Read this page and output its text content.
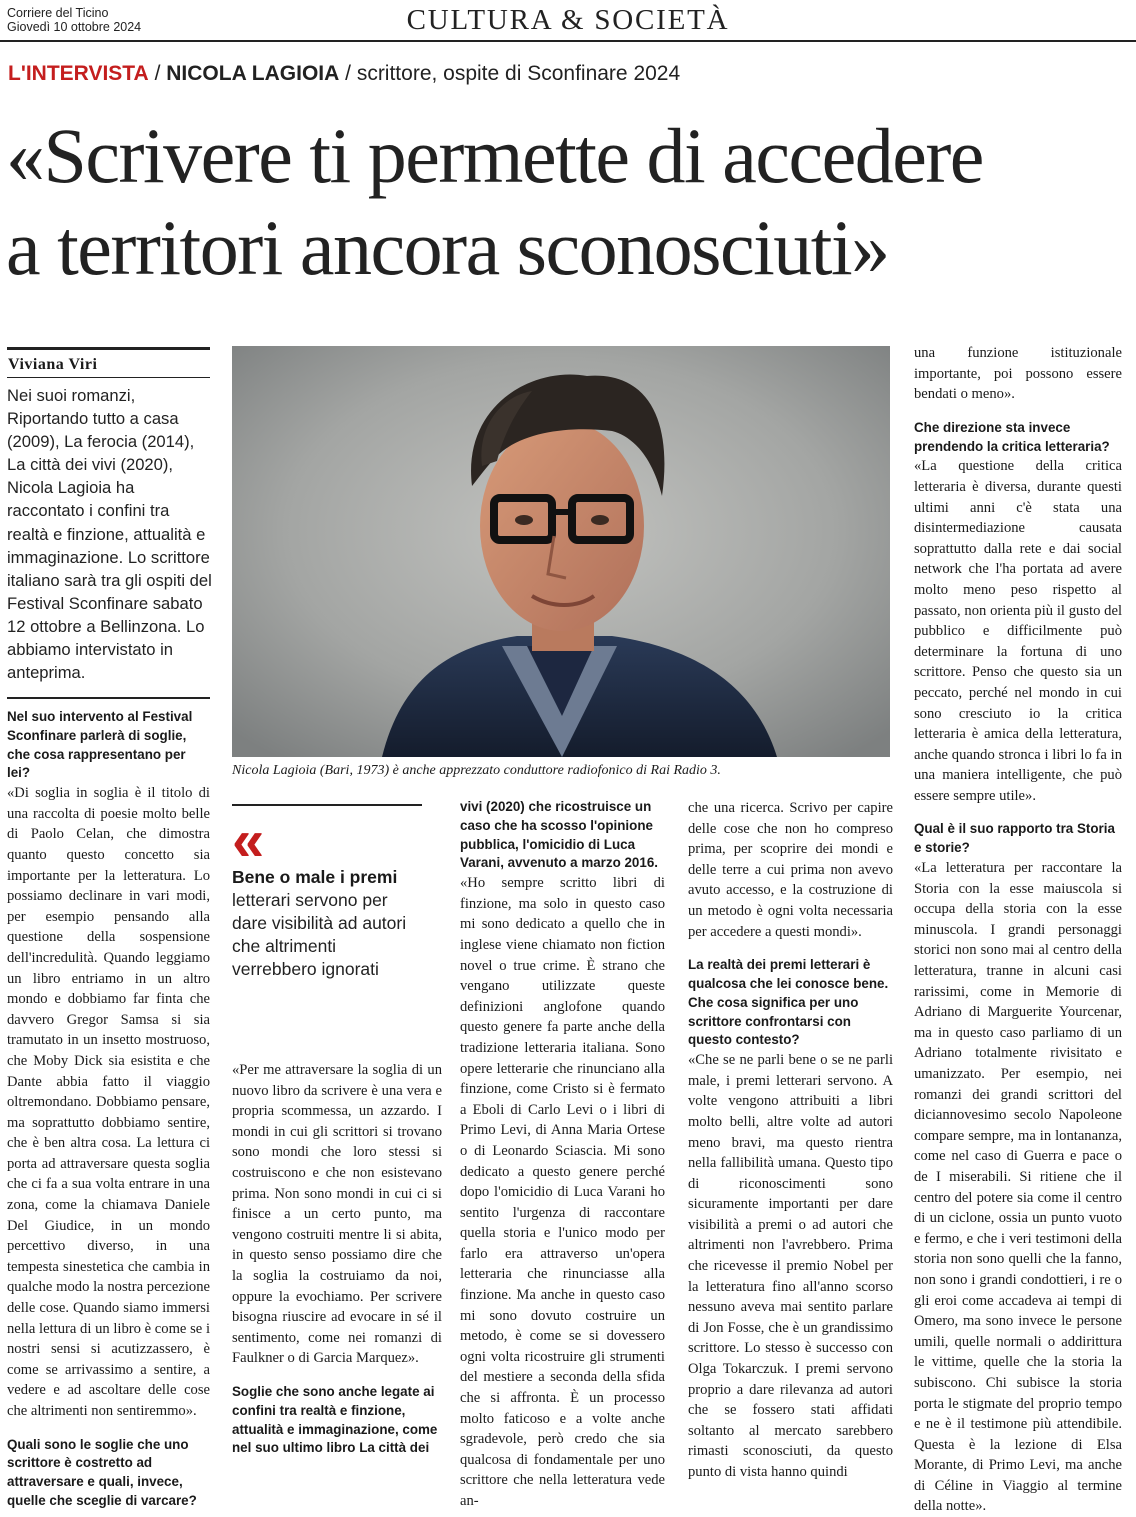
Corriere del Ticino
Giovedì 10 ottobre 2024	CULTURA & SOCIETÀ
L'INTERVISTA / NICOLA LAGIOIA / scrittore, ospite di Sconfinare 2024
«Scrivere ti permette di accedere
a territori ancora sconosciuti»
Viviana Viri
Nei suoi romanzi, Riportando tutto a casa (2009), La ferocia (2014), La città dei vivi (2020), Nicola Lagioia ha raccontato i confini tra realtà e finzione, attualità e immaginazione. Lo scrittore italiano sarà tra gli ospiti del Festival Sconfinare sabato 12 ottobre a Bellinzona. Lo abbiamo intervistato in anteprima.
Nicola Lagioia (Bari, 1973) è anche apprezzato conduttore radiofonico di Rai Radio 3.

Nel suo intervento al Festival Sconfinare parlerà di soglie, che cosa rappresentano per lei?

«Di soglia in soglia è il titolo di una raccolta di poesie molto belle di Paolo Celan, che dimostra quanto questo concetto sia importante per la letteratura. Lo possiamo declinare in vari modi, per esempio pensando alla questione della sospensione dell'incredulità. Quando leggiamo un libro entriamo in un altro mondo e dobbiamo far finta che davvero Gregor Samsa si sia tramutato in un insetto mostruoso, che Moby Dick sia esistita e che Dante abbia fatto il viaggio oltremondano. Dobbiamo pensare, ma soprattutto dobbiamo sentire, che è ben altra cosa. La lettura ci porta ad attraversare questa soglia che ci fa a sua volta entrare in una zona, come la chiamava Daniele Del Giudice, in un mondo percettivo diverso, in una tempesta sinestetica che cambia in qualche modo la nostra percezione delle cose. Quando siamo immersi nella lettura di un libro è come se i nostri sensi si acutizzassero, è come se arrivassimo a sentire, a vedere e ad ascoltare delle cose che altrimenti non sentiremmo».

Quali sono le soglie che uno scrittore è costretto ad attraversare e quali, invece, quelle che sceglie di varcare?

«
Bene o male i premi
letterari servono per dare visibilità ad autori che altrimenti verrebbero ignorati

«Per me attraversare la soglia di un nuovo libro da scrivere è una vera e propria scommessa, un azzardo. I mondi in cui gli scrittori si trovano sono mondi che loro stessi si costruiscono e che non esistevano prima. Non sono mondi in cui ci si finisce a un certo punto, ma vengono costruiti mentre li si abita, in questo senso possiamo dire che la soglia la costruiamo da noi, oppure la evochiamo. Per scrivere bisogna riuscire ad evocare in sé il sentimento, come nei romanzi di Faulkner o di Garcia Marquez».

Soglie che sono anche legate ai confini tra realtà e finzione, attualità e immaginazione, come nel suo ultimo libro La città dei

vivi (2020) che ricostruisce un caso che ha scosso l'opinione pubblica, l'omicidio di Luca Varani, avvenuto a marzo 2016.

«Ho sempre scritto libri di finzione, ma solo in questo caso mi sono dedicato a quello che in inglese viene chiamato non fiction novel o true crime. È strano che vengano utilizzate queste definizioni anglofone quando questo genere fa parte anche della tradizione letteraria italiana. Sono opere letterarie che rinunciano alla finzione, come Cristo si è fermato a Eboli di Carlo Levi o i libri di Primo Levi, di Anna Maria Ortese o di Leonardo Sciascia. Mi sono dedicato a questo genere perché dopo l'omicidio di Luca Varani ho sentito l'urgenza di raccontare quella storia e l'unico modo per farlo era attraverso un'opera letteraria che rinunciasse alla finzione. Ma anche in questo caso mi sono dovuto costruire un metodo, è come se si dovessero ogni volta ricostruire gli strumenti del mestiere a seconda della sfida che si affronta. È un processo molto faticoso e a volte anche sgradevole, però credo che sia qualcosa di fondamentale per uno scrittore che nella letteratura vede an-

che una ricerca. Scrivo per capire delle cose che non ho compreso prima, per scoprire dei mondi e delle terre a cui prima non avevo avuto accesso, e la costruzione di un metodo è ogni volta necessaria per accedere a questi mondi».

La realtà dei premi letterari è qualcosa che lei conosce bene. Che cosa significa per uno scrittore confrontarsi con questo contesto?

«Che se ne parli bene o se ne parli male, i premi letterari servono. A volte vengono attribuiti a libri molto belli, altre volte ad autori meno bravi, ma questo rientra nella fallibilità umana. Questo tipo di riconoscimenti sono sicuramente importanti per dare visibilità a premi o ad autori che altrimenti non l'avrebbero. Prima che ricevesse il premio Nobel per la letteratura fino all'anno scorso nessuno aveva mai sentito parlare di Jon Fosse, che è un grandissimo scrittore. Lo stesso è successo con Olga Tokarczuk. I premi servono proprio a dare rilevanza ad autori che se fossero stati affidati soltanto al mercato sarebbero rimasti sconosciuti, da questo punto di vista hanno quindi

una funzione istituzionale importante, poi possono essere bendati o meno».

Che direzione sta invece prendendo la critica letteraria?

«La questione della critica letteraria è diversa, durante questi ultimi anni c'è stata una disintermediazione causata soprattutto dalla rete e dai social network che l'ha portata ad avere molto meno peso rispetto al passato, non orienta più il gusto del pubblico e difficilmente può determinare la fortuna di uno scrittore. Penso che questo sia un peccato, perché nel mondo in cui sono cresciuto io la critica letteraria è amica della letteratura, anche quando stronca i libri lo fa in una maniera intelligente, che può essere sempre utile».

Qual è il suo rapporto tra Storia e storie?

«La letteratura per raccontare la Storia con la esse maiuscola si occupa della storia con la esse minuscola. I grandi personaggi storici non sono mai al centro della letteratura, tranne in alcuni casi rarissimi, come in Memorie di Adriano di Marguerite Yourcenar, ma in questo caso parliamo di un Adriano totalmente rivisitato e umanizzato. Per esempio, nei romanzi dei grandi scrittori del diciannovesimo secolo Napoleone compare sempre, ma in lontananza, come nel caso di Guerra e pace o de I miserabili. Si ritiene che il centro del potere sia come il centro di un ciclone, ossia un punto vuoto e fermo, e che i veri testimoni della storia non sono quelli che la fanno, non sono i grandi condottieri, i re o gli eroi come accadeva ai tempi di Omero, ma sono invece le persone umili, quelle normali o addirittura le vittime, quelle che la storia la subiscono. Chi subisce la storia porta le stigmate del proprio tempo e ne è il testimone più attendibile. Questa è la lezione di Elsa Morante, di Primo Levi, ma anche di Céline in Viaggio al termine della notte».
